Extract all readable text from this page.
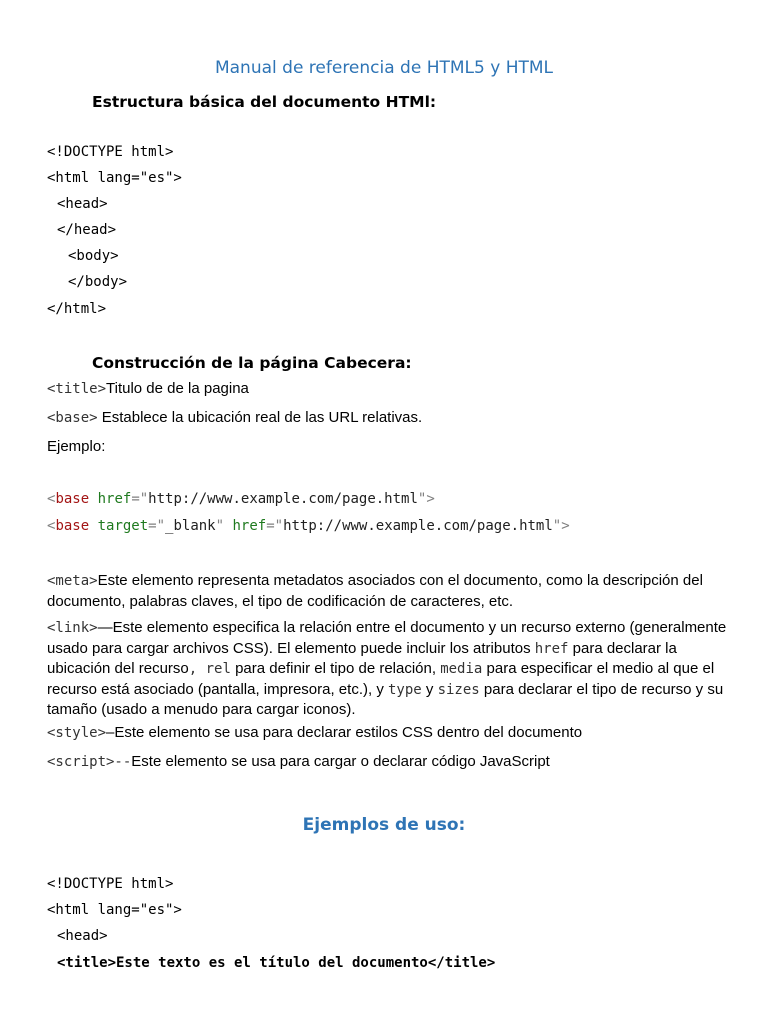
Manual de referencia de HTML5 y HTML
Estructura básica del documento HTMl:
<!DOCTYPE html>
<html lang="es">
<head>
</head>
<body>
</body>
</html>
Construcción de la página Cabecera:
<title>Titulo de de la pagina
<base> Establece la ubicación real de las URL relativas.
Ejemplo:
<base href="http://www.example.com/page.html">
<base target="_blank" href="http://www.example.com/page.html">
<meta>Este elemento representa metadatos asociados con el documento, como la descripción del documento, palabras claves, el tipo de codificación de caracteres, etc.
<link>—Este elemento especifica la relación entre el documento y un recurso externo (generalmente usado para cargar archivos CSS). El elemento puede incluir los atributos href para declarar la ubicación del recurso, rel para definir el tipo de relación, media para especificar el medio al que el recurso está asociado (pantalla, impresora, etc.), y type y sizes para declarar el tipo de recurso y su tamaño (usado a menudo para cargar iconos).
<style>–Este elemento se usa para declarar estilos CSS dentro del documento
<script>--Este elemento se usa para cargar o declarar código JavaScript
Ejemplos de uso:
<!DOCTYPE html>
<html lang="es">
<head>
<title>Este texto es el título del documento</title>
